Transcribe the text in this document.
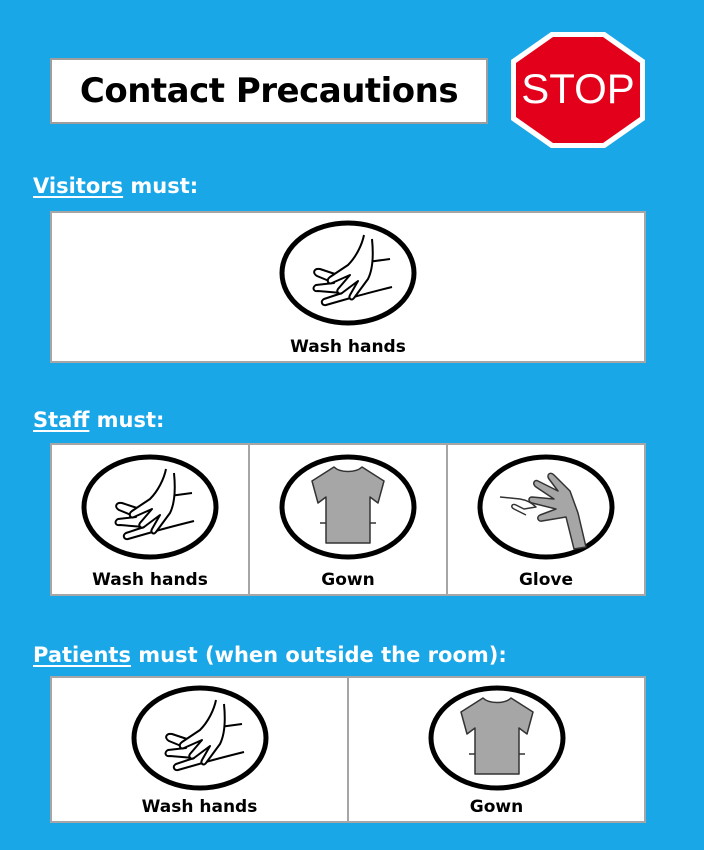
Contact Precautions STOP
Visitors must:
Wash hands
Staff must:
Wash hands	Gown	Glove
Patients must (when outside the room):
Wash hands	Gown
